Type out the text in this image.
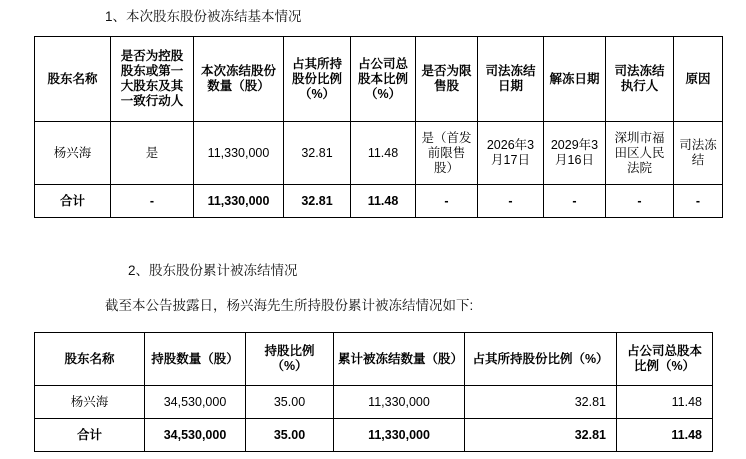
1、本次股东股份被冻结基本情况
股东名称	是否为控股股东或第一大股东及其一致行动人	本次冻结股份数量（股）	占其所持股份比例（%）	占公司总股本比例（%）	是否为限售股	司法冻结日期	解冻日期	司法冻结执行人	原因
杨兴海	是	11,330,000	32.81	11.48	是（首发前限售股）	2026年3月17日	2029年3月16日	深圳市福田区人民法院	司法冻结
合计	-	11,330,000	32.81	11.48	-	-	-	-	-
2、股东股份累计被冻结情况
截至本公告披露日，杨兴海先生所持股份累计被冻结情况如下:
股东名称	持股数量（股）	持股比例（%）	累计被冻结数量（股）	占其所持股份比例（%）	占公司总股本比例（%）
杨兴海	34,530,000	35.00	11,330,000	32.81	11.48
合计	34,530,000	35.00	11,330,000	32.81	11.48
